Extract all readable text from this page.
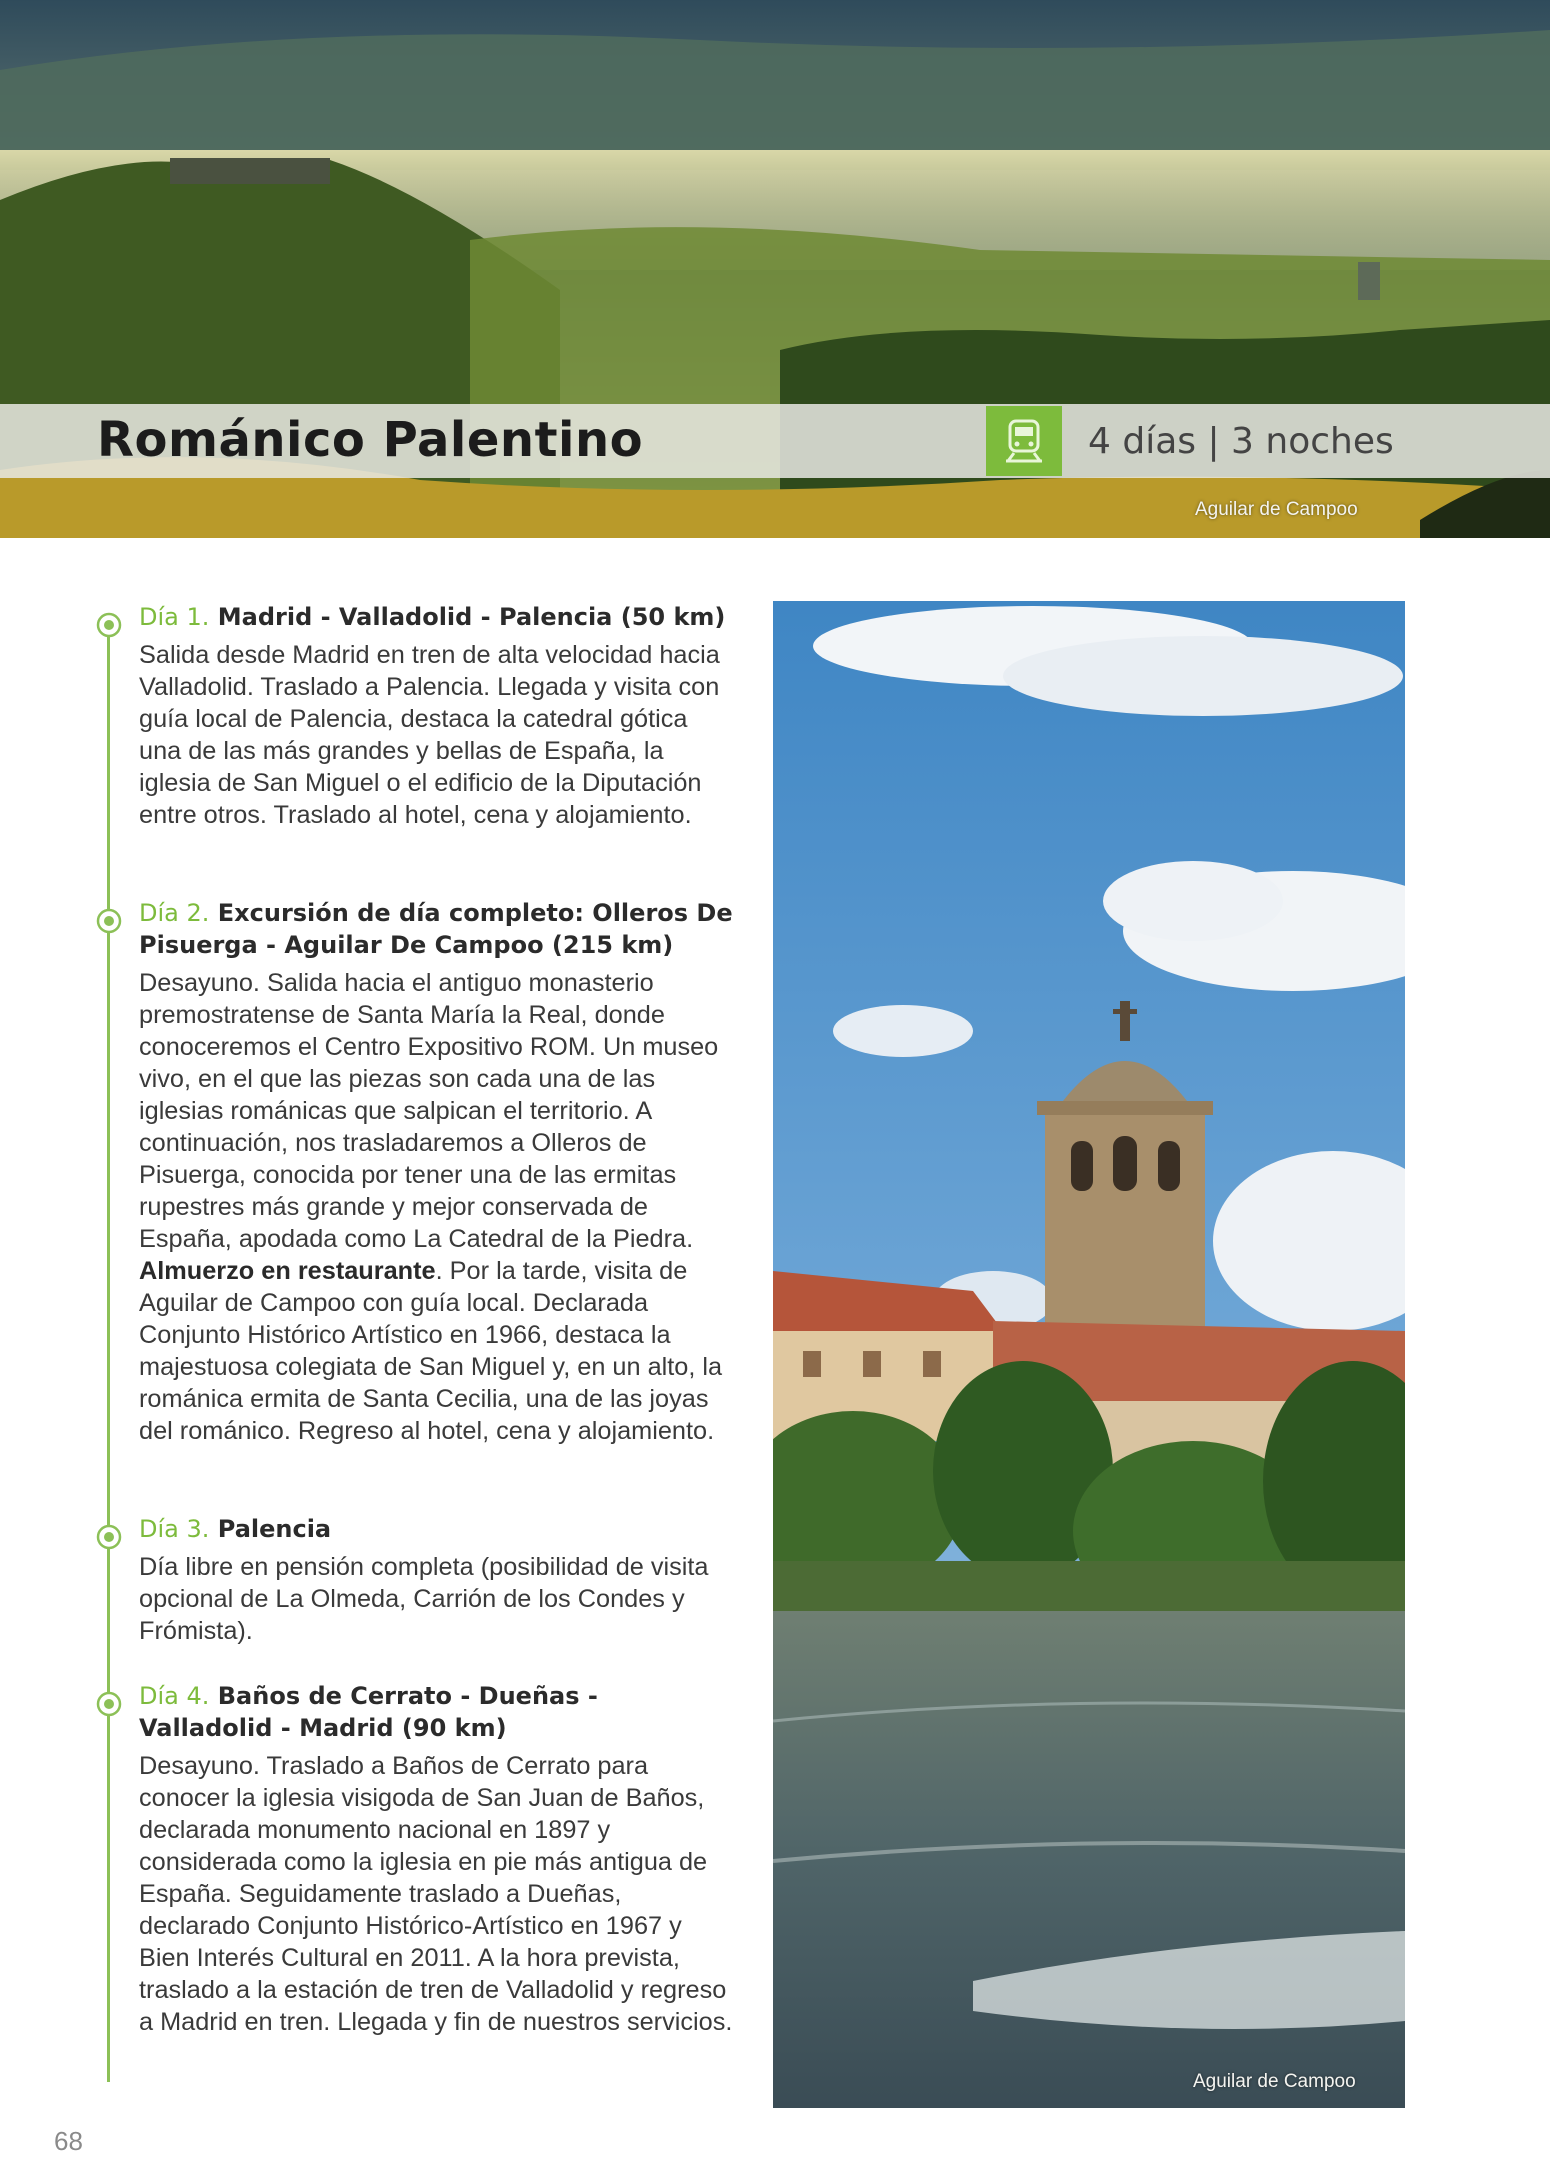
Románico Palentino	4 días | 3 noches

Aguilar de Campoo

Día 1. Madrid - Valladolid - Palencia (50 km)

Salida desde Madrid en tren de alta velocidad hacia Valladolid. Traslado a Palencia. Llegada y visita con guía local de Palencia, destaca la catedral gótica una de las más grandes y bellas de España, la iglesia de San Miguel o el edificio de la Diputación entre otros. Traslado al hotel, cena y alojamiento.

Día 2. Excursión de día completo: Olleros De Pisuerga - Aguilar De Campoo (215 km)

Desayuno. Salida hacia el antiguo monasterio premostratense de Santa María la Real, donde conoceremos el Centro Expositivo ROM. Un museo vivo, en el que las piezas son cada una de las iglesias románicas que salpican el territorio. A continuación, nos trasladaremos a Olleros de Pisuerga, conocida por tener una de las ermitas rupestres más grande y mejor conservada de España, apodada como La Catedral de la Piedra. Almuerzo en restaurante. Por la tarde, visita de Aguilar de Campoo con guía local. Declarada Conjunto Histórico Artístico en 1966, destaca la majestuosa colegiata de San Miguel y, en un alto, la románica ermita de Santa Cecilia, una de las joyas del románico. Regreso al hotel, cena y alojamiento.

Día 3. Palencia

Día libre en pensión completa (posibilidad de visita opcional de La Olmeda, Carrión de los Condes y Frómista).

Día 4. Baños de Cerrato - Dueñas - Valladolid - Madrid (90 km)

Desayuno. Traslado a Baños de Cerrato para conocer la iglesia visigoda de San Juan de Baños, declarada monumento nacional en 1897 y considerada como la iglesia en pie más antigua de España. Seguidamente traslado a Dueñas, declarado Conjunto Histórico-Artístico en 1967 y Bien Interés Cultural en 2011. A la hora prevista, traslado a la estación de tren de Valladolid y regreso a Madrid en tren. Llegada y fin de nuestros servicios.

Aguilar de Campoo

68
